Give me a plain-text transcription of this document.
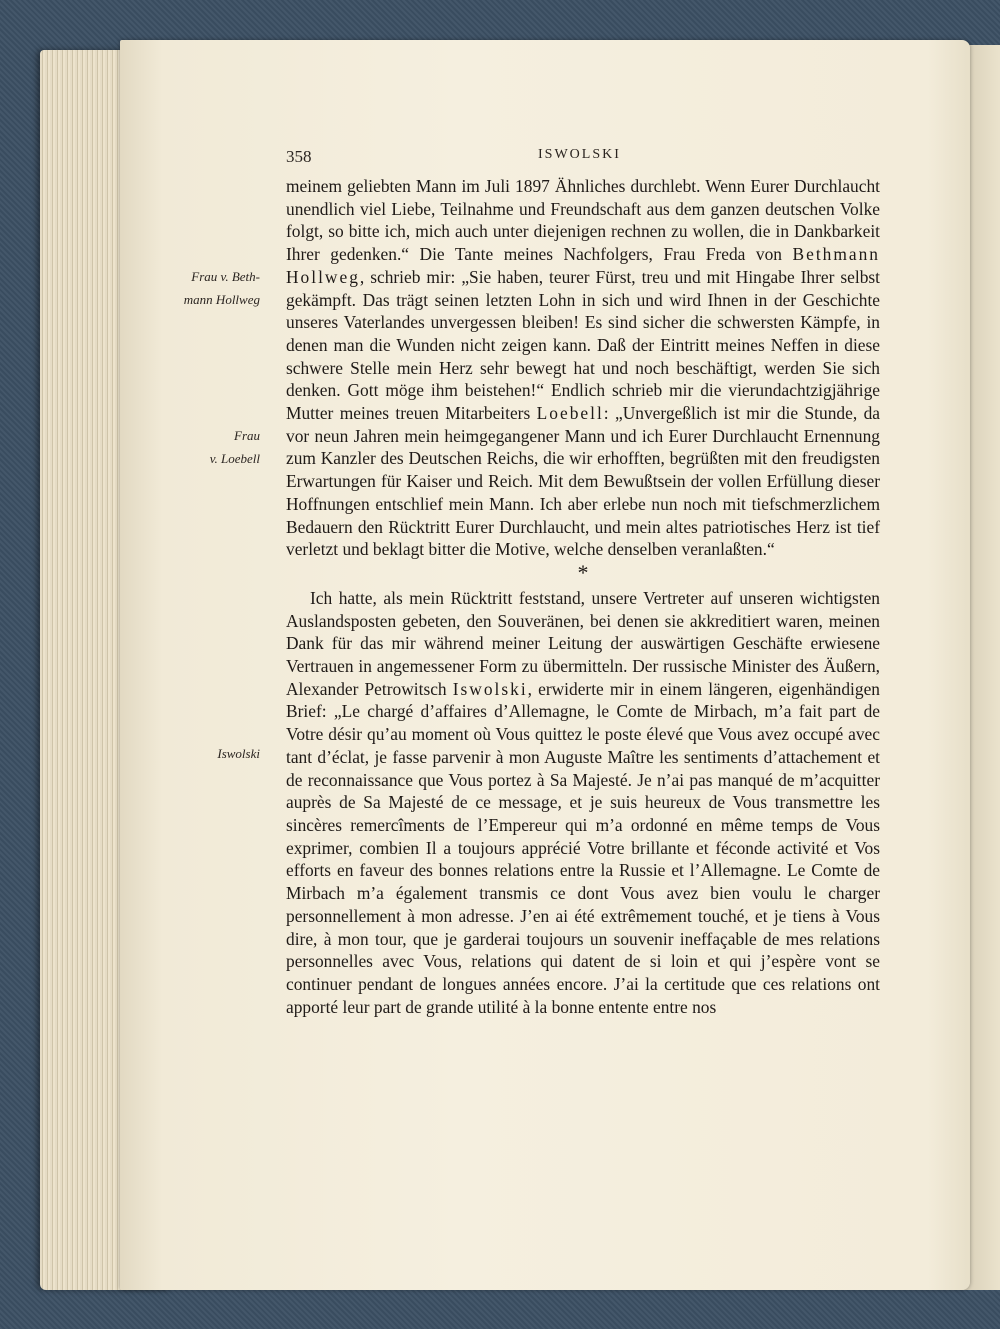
358	ISWOLSKI
Frau v. Beth-
mann Hollweg
Frau
v. Loebell
Iswolski

meinem geliebten Mann im Juli 1897 Ähnliches durchlebt. Wenn Eurer Durchlaucht unendlich viel Liebe, Teilnahme und Freundschaft aus dem ganzen deutschen Volke folgt, so bitte ich, mich auch unter diejenigen rechnen zu wollen, die in Dankbarkeit Ihrer gedenken.“ Die Tante meines Nachfolgers, Frau Freda von Bethmann Hollweg, schrieb mir: „Sie haben, teurer Fürst, treu und mit Hingabe Ihrer selbst gekämpft. Das trägt seinen letzten Lohn in sich und wird Ihnen in der Geschichte unseres Vaterlandes unvergessen bleiben! Es sind sicher die schwersten Kämpfe, in denen man die Wunden nicht zeigen kann. Daß der Eintritt meines Neffen in diese schwere Stelle mein Herz sehr bewegt hat und noch beschäftigt, werden Sie sich denken. Gott möge ihm beistehen!“ Endlich schrieb mir die vierundachtzigjährige Mutter meines treuen Mitarbeiters Loebell: „Unvergeßlich ist mir die Stunde, da vor neun Jahren mein heimgegangener Mann und ich Eurer Durchlaucht Ernennung zum Kanzler des Deutschen Reichs, die wir erhofften, begrüßten mit den freudigsten Erwartungen für Kaiser und Reich. Mit dem Bewußtsein der vollen Erfüllung dieser Hoffnungen entschlief mein Mann. Ich aber erlebe nun noch mit tiefschmerzlichem Bedauern den Rücktritt Eurer Durchlaucht, und mein altes patriotisches Herz ist tief verletzt und beklagt bitter die Motive, welche denselben veranlaßten.“

*

Ich hatte, als mein Rücktritt feststand, unsere Vertreter auf unseren wichtigsten Auslandsposten gebeten, den Souveränen, bei denen sie akkreditiert waren, meinen Dank für das mir während meiner Leitung der auswärtigen Geschäfte erwiesene Vertrauen in angemessener Form zu übermitteln. Der russische Minister des Äußern, Alexander Petrowitsch Iswolski, erwiderte mir in einem längeren, eigenhändigen Brief: „Le chargé d’affaires d’Allemagne, le Comte de Mirbach, m’a fait part de Votre désir qu’au moment où Vous quittez le poste élevé que Vous avez occupé avec tant d’éclat, je fasse parvenir à mon Auguste Maître les sentiments d’attachement et de reconnaissance que Vous portez à Sa Majesté. Je n’ai pas manqué de m’acquitter auprès de Sa Majesté de ce message, et je suis heureux de Vous transmettre les sincères remercîments de l’Empereur qui m’a ordonné en même temps de Vous exprimer, combien Il a toujours apprécié Votre brillante et féconde activité et Vos efforts en faveur des bonnes relations entre la Russie et l’Allemagne. Le Comte de Mirbach m’a également transmis ce dont Vous avez bien voulu le charger personnellement à mon adresse. J’en ai été extrêmement touché, et je tiens à Vous dire, à mon tour, que je garderai toujours un souvenir ineffaçable de mes relations personnelles avec Vous, relations qui datent de si loin et qui j’espère vont se continuer pendant de longues années encore. J’ai la certitude que ces relations ont apporté leur part de grande utilité à la bonne entente entre nos
